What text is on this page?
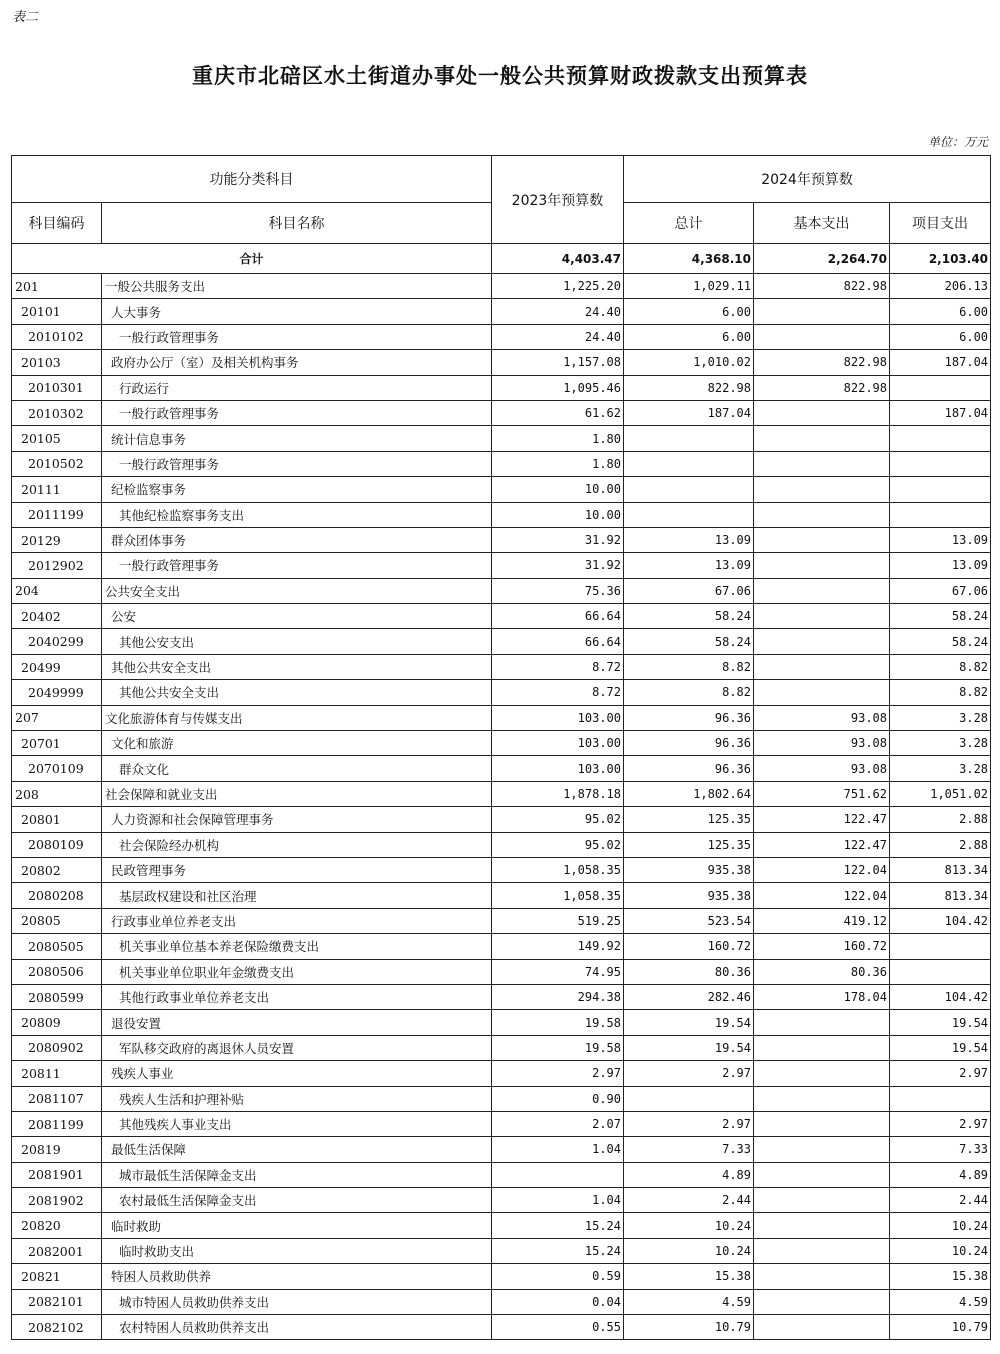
表二
重庆市北碚区水土街道办事处一般公共预算财政拨款支出预算表
单位：万元
功能分类科目		2023年预算数	2024年预算数		
科目编码	科目名称		总计	基本支出	项目支出
合计		4,403.47	4,368.10	2,264.70	2,103.40
201	一般公共服务支出	1,225.20	1,029.11	822.98	206.13
20101	人大事务	24.40	6.00		6.00
2010102	一般行政管理事务	24.40	6.00		6.00
20103	政府办公厅（室）及相关机构事务	1,157.08	1,010.02	822.98	187.04
2010301	行政运行	1,095.46	822.98	822.98	
2010302	一般行政管理事务	61.62	187.04		187.04
20105	统计信息事务	1.80			
2010502	一般行政管理事务	1.80			
20111	纪检监察事务	10.00			
2011199	其他纪检监察事务支出	10.00			
20129	群众团体事务	31.92	13.09		13.09
2012902	一般行政管理事务	31.92	13.09		13.09
204	公共安全支出	75.36	67.06		67.06
20402	公安	66.64	58.24		58.24
2040299	其他公安支出	66.64	58.24		58.24
20499	其他公共安全支出	8.72	8.82		8.82
2049999	其他公共安全支出	8.72	8.82		8.82
207	文化旅游体育与传媒支出	103.00	96.36	93.08	3.28
20701	文化和旅游	103.00	96.36	93.08	3.28
2070109	群众文化	103.00	96.36	93.08	3.28
208	社会保障和就业支出	1,878.18	1,802.64	751.62	1,051.02
20801	人力资源和社会保障管理事务	95.02	125.35	122.47	2.88
2080109	社会保险经办机构	95.02	125.35	122.47	2.88
20802	民政管理事务	1,058.35	935.38	122.04	813.34
2080208	基层政权建设和社区治理	1,058.35	935.38	122.04	813.34
20805	行政事业单位养老支出	519.25	523.54	419.12	104.42
2080505	机关事业单位基本养老保险缴费支出	149.92	160.72	160.72	
2080506	机关事业单位职业年金缴费支出	74.95	80.36	80.36	
2080599	其他行政事业单位养老支出	294.38	282.46	178.04	104.42
20809	退役安置	19.58	19.54		19.54
2080902	军队移交政府的离退休人员安置	19.58	19.54		19.54
20811	残疾人事业	2.97	2.97		2.97
2081107	残疾人生活和护理补贴	0.90			
2081199	其他残疾人事业支出	2.07	2.97		2.97
20819	最低生活保障	1.04	7.33		7.33
2081901	城市最低生活保障金支出		4.89		4.89
2081902	农村最低生活保障金支出	1.04	2.44		2.44
20820	临时救助	15.24	10.24		10.24
2082001	临时救助支出	15.24	10.24		10.24
20821	特困人员救助供养	0.59	15.38		15.38
2082101	城市特困人员救助供养支出	0.04	4.59		4.59
2082102	农村特困人员救助供养支出	0.55	10.79		10.79
